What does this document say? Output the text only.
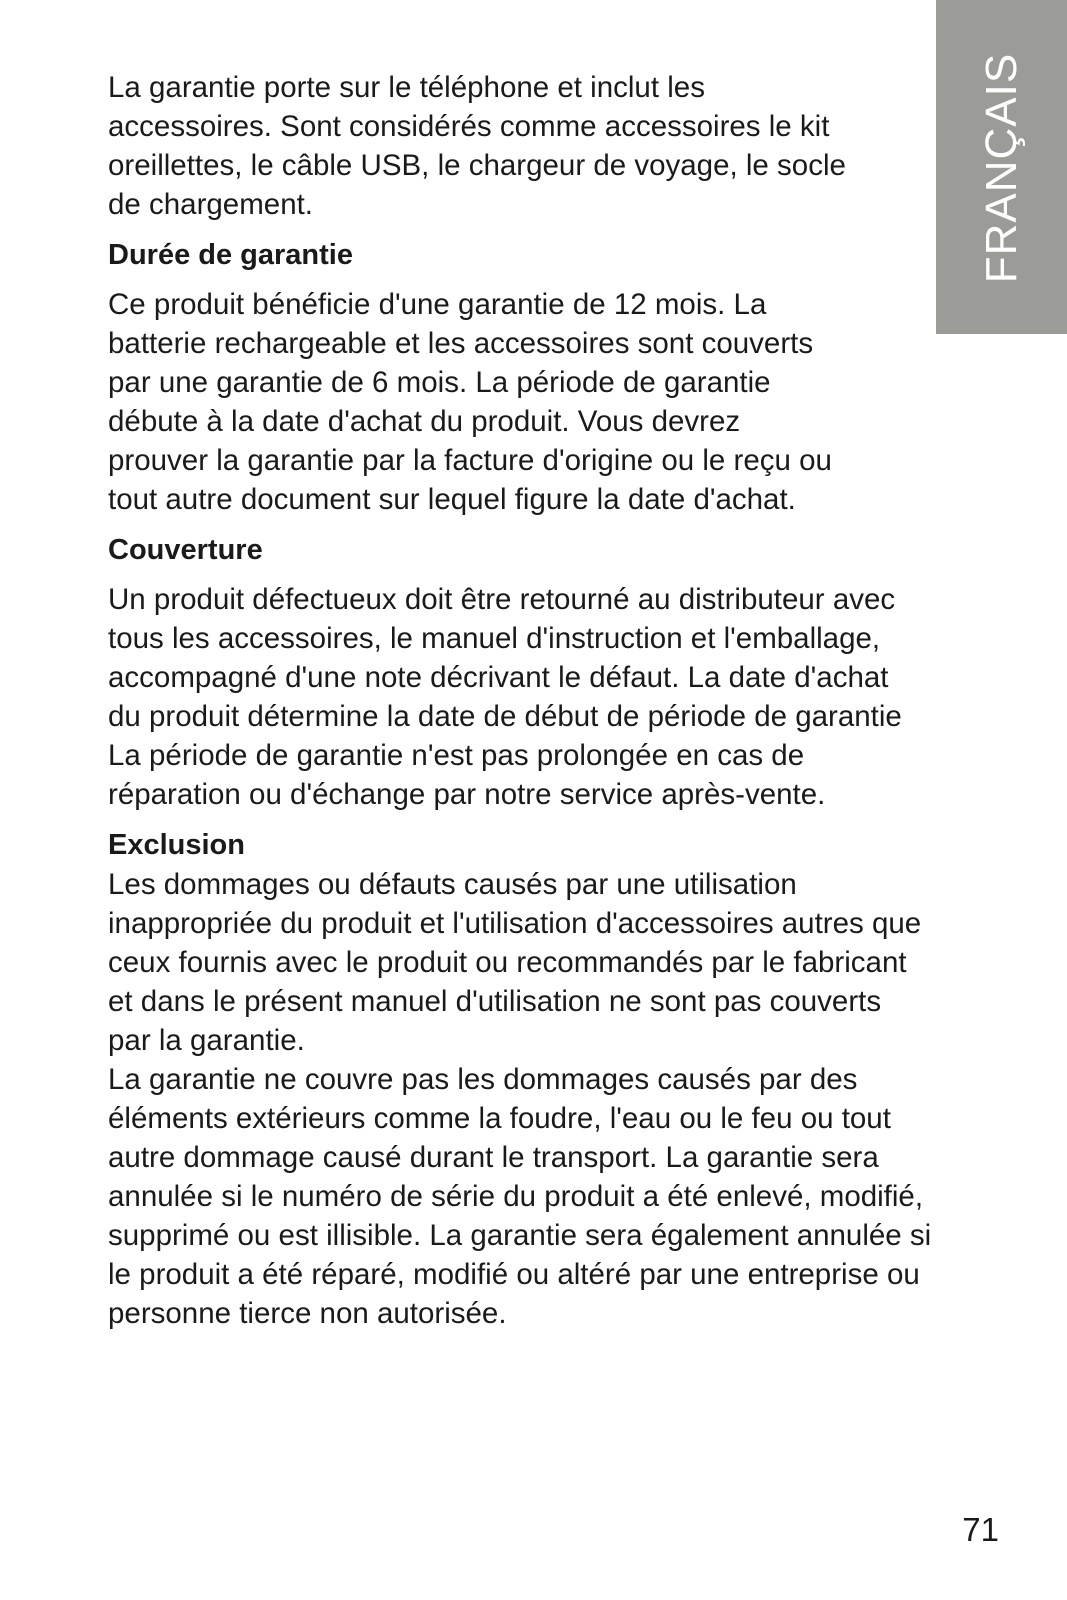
FRANÇAIS

La garantie porte sur le téléphone et inclut les
accessoires. Sont considérés comme accessoires le kit
oreillettes, le câble USB, le chargeur de voyage, le socle
de chargement.

Durée de garantie

Ce produit bénéficie d'une garantie de 12 mois. La
batterie rechargeable et les accessoires sont couverts
par une garantie de 6 mois. La période de garantie
débute à la date d'achat du produit. Vous devrez
prouver la garantie par la facture d'origine ou le reçu ou
tout autre document sur lequel figure la date d'achat.

Couverture

Un produit défectueux doit être retourné au distributeur avec
tous les accessoires, le manuel d'instruction et l'emballage,
accompagné d'une note décrivant le défaut. La date d'achat
du produit détermine la date de début de période de garantie
La période de garantie n'est pas prolongée en cas de
réparation ou d'échange par notre service après-vente.

Exclusion

Les dommages ou défauts causés par une utilisation
inappropriée du produit et l'utilisation d'accessoires autres que
ceux fournis avec le produit ou recommandés par le fabricant
et dans le présent manuel d'utilisation ne sont pas couverts
par la garantie.
La garantie ne couvre pas les dommages causés par des
éléments extérieurs comme la foudre, l'eau ou le feu ou tout
autre dommage causé durant le transport. La garantie sera
annulée si le numéro de série du produit a été enlevé, modifié,
supprimé ou est illisible. La garantie sera également annulée si
le produit a été réparé, modifié ou altéré par une entreprise ou
personne tierce non autorisée.

71
